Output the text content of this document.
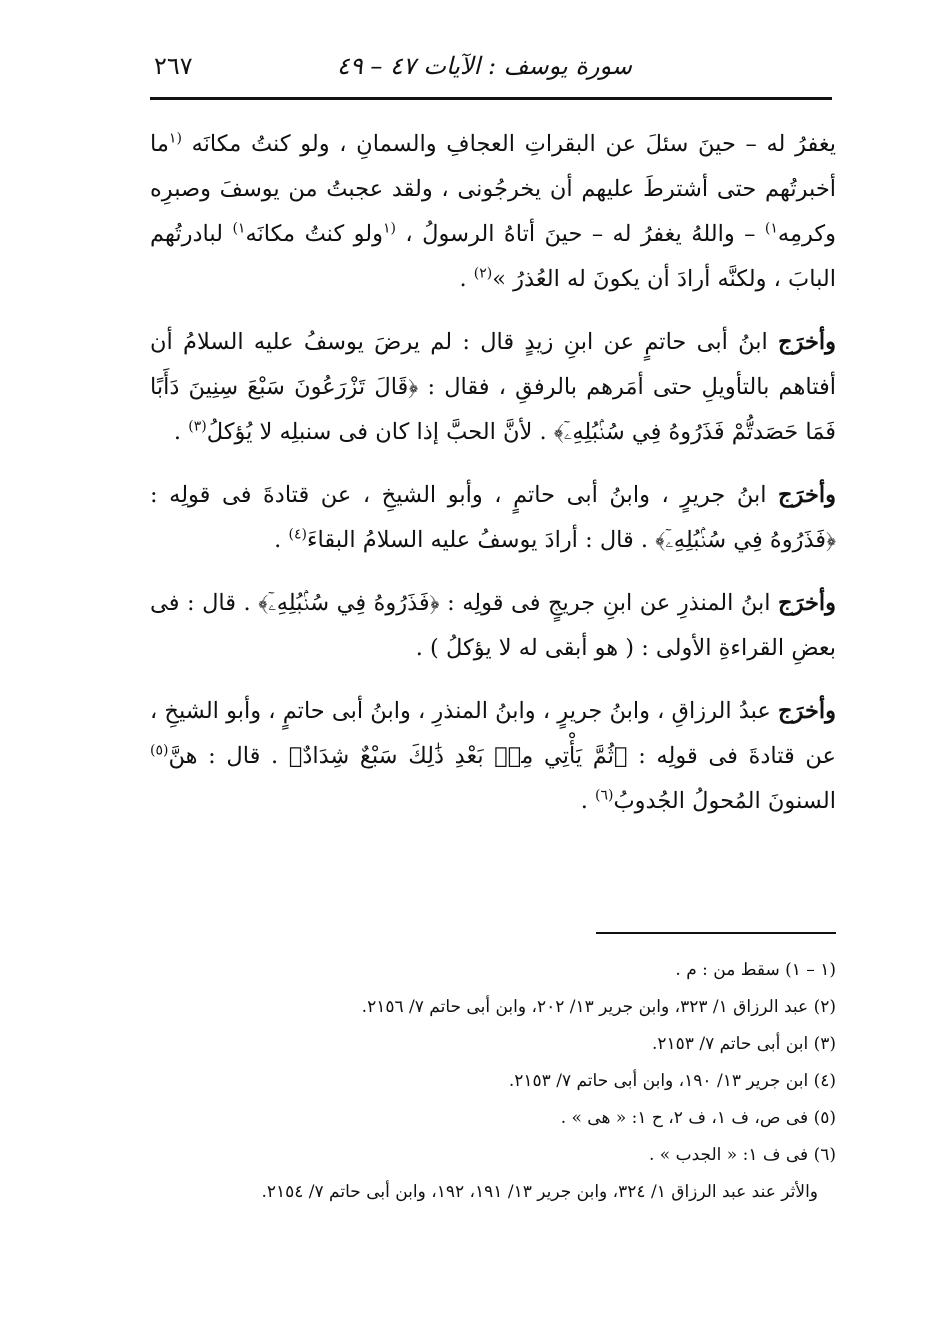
سورة يوسف : الآيات ٤٧ – ٤٩
٢٦٧

يغفرُ له – حينَ سئلَ عن البقراتِ العجافِ والسمانِ ، ولو كنتُ مكانَه $^{(١}$ما أخبرتُهم حتى أشترطَ عليهم أن يخرجُونى ، ولقد عجبتُ من يوسفَ وصبرِه وكرمِه$^{١)}$ – واللهُ يغفرُ له – حينَ أتاهُ الرسولُ ، $^{(١}$ولو كنتُ مكانَه$^{١)}$ لبادرتُهم البابَ ، ولكنَّه أرادَ أن يكونَ له العُذرُ »$^{(٢)}$ .

وأخرَج ابنُ أبى حاتمٍ عن ابنِ زيدٍ قال : لم يرضَ يوسفُ عليه السلامُ أن أفتاهم بالتأويلِ حتى أمَرهم بالرفقِ ، فقال : ﴿قَالَ تَزْرَعُونَ سَبْعَ سِنِينَ دَأَبًا فَمَا حَصَدتُّمْ فَذَرُوهُ فِي سُنۢبُلِهِۦٓ﴾ . لأنَّ الحبَّ إذا كان فى سنبلِه لا يُؤكلُ$^{(٣)}$ .

وأخرَج ابنُ جريرٍ ، وابنُ أبى حاتمٍ ، وأبو الشيخِ ، عن قتادةَ فى قولِه : ﴿فَذَرُوهُ فِي سُنۢبُلِهِۦٓ﴾ . قال : أرادَ يوسفُ عليه السلامُ البقاءَ$^{(٤)}$ .

وأخرَج ابنُ المنذرِ عن ابنِ جريجٍ فى قولِه : ﴿فَذَرُوهُ فِي سُنۢبُلِهِۦٓ﴾ . قال : فى بعضِ القراءةِ الأولى : ( هو أبقى له لا يؤكلُ ) .

وأخرَج عبدُ الرزاقِ ، وابنُ جريرٍ ، وابنُ المنذرِ ، وابنُ أبى حاتمٍ ، وأبو الشيخِ ، عن قتادةَ فى قولِه : ﴿ثُمَّ يَأْتِي مِنۢ بَعْدِ ذَٰلِكَ سَبْعٌ شِدَادٌ﴾ . قال : هنَّ$^{(٥)}$ السنونَ المُحولُ الجُدوبُ$^{(٦)}$ .

(١ – ١) سقط من : م .

(٢) عبد الرزاق ١/ ٣٢٣، وابن جرير ١٣/ ٢٠٢، وابن أبى حاتم ٧/ ٢١٥٦.

(٣) ابن أبى حاتم ٧/ ٢١٥٣.

(٤) ابن جرير ١٣/ ١٩٠، وابن أبى حاتم ٧/ ٢١٥٣.

(٥) فى ص، ف ١، ف ٢، ح ١: « هى » .

(٦) فى ف ١: « الجدب » .

والأثر عند عبد الرزاق ١/ ٣٢٤، وابن جرير ١٣/ ١٩١، ١٩٢، وابن أبى حاتم ٧/ ٢١٥٤.
